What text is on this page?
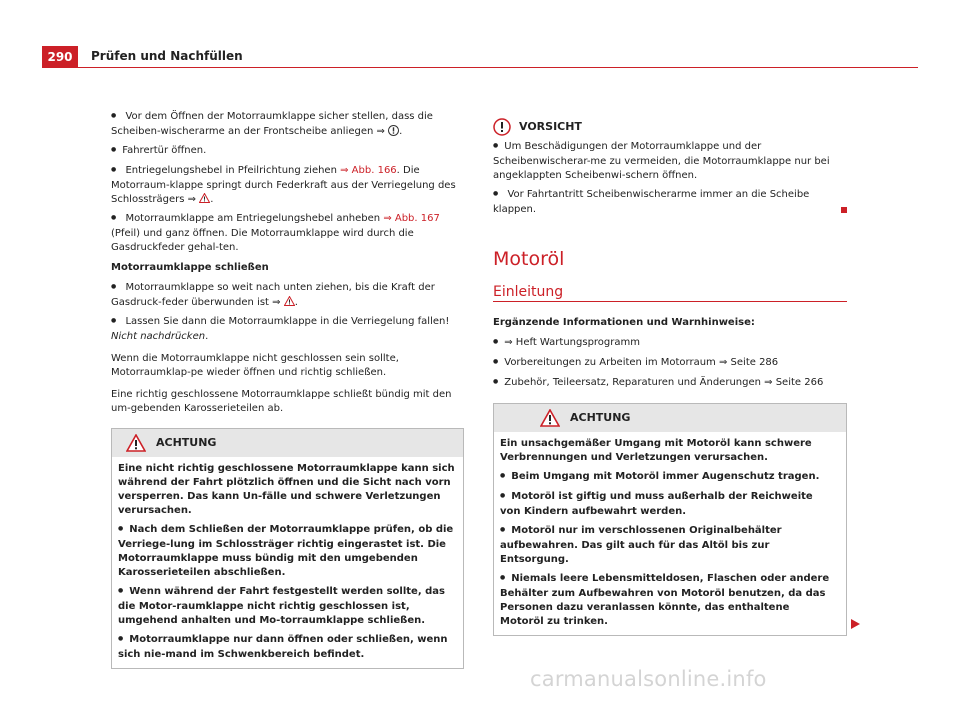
290	Prüfen und Nachfüllen

● Vor dem Öffnen der Motorraumklappe sicher stellen, dass die Scheiben-wischerarme an der Frontscheibe anliegen ⇒ .

● Fahrertür öffnen.

● Entriegelungshebel in Pfeilrichtung ziehen ⇒ Abb. 166. Die Motorraum-klappe springt durch Federkraft aus der Verriegelung des Schlossträgers ⇒ .

● Motorraumklappe am Entriegelungshebel anheben ⇒ Abb. 167 (Pfeil) und ganz öffnen. Die Motorraumklappe wird durch die Gasdruckfeder gehal-ten.

Motorraumklappe schließen

● Motorraumklappe so weit nach unten ziehen, bis die Kraft der Gasdruck-feder überwunden ist ⇒ .

● Lassen Sie dann die Motorraumklappe in die Verriegelung fallen! Nicht nachdrücken.

Wenn die Motorraumklappe nicht geschlossen sein sollte, Motorraumklap-pe wieder öffnen und richtig schließen.

Eine richtig geschlossene Motorraumklappe schließt bündig mit den um-gebenden Karosserieteilen ab.

ACHTUNG

Eine nicht richtig geschlossene Motorraumklappe kann sich während der Fahrt plötzlich öffnen und die Sicht nach vorn versperren. Das kann Un-fälle und schwere Verletzungen verursachen.

● Nach dem Schließen der Motorraumklappe prüfen, ob die Verriege-lung im Schlossträger richtig eingerastet ist. Die Motorraumklappe muss bündig mit den umgebenden Karosserieteilen abschließen.

● Wenn während der Fahrt festgestellt werden sollte, das die Motor-raumklappe nicht richtig geschlossen ist, umgehend anhalten und Mo-torraumklappe schließen.

● Motorraumklappe nur dann öffnen oder schließen, wenn sich nie-mand im Schwenkbereich befindet.

VORSICHT

● Um Beschädigungen der Motorraumklappe und der Scheibenwischerar-me zu vermeiden, die Motorraumklappe nur bei angeklappten Scheibenwi-schern öffnen.

● Vor Fahrtantritt Scheibenwischerarme immer an die Scheibe klappen.

Motoröl
Einleitung

Ergänzende Informationen und Warnhinweise:

● ⇒ Heft Wartungsprogramm

● Vorbereitungen zu Arbeiten im Motorraum ⇒ Seite 286

● Zubehör, Teileersatz, Reparaturen und Änderungen ⇒ Seite 266

ACHTUNG

Ein unsachgemäßer Umgang mit Motoröl kann schwere Verbrennungen und Verletzungen verursachen.

● Beim Umgang mit Motoröl immer Augenschutz tragen.

● Motoröl ist giftig und muss außerhalb der Reichweite von Kindern aufbewahrt werden.

● Motoröl nur im verschlossenen Originalbehälter aufbewahren. Das gilt auch für das Altöl bis zur Entsorgung.

● Niemals leere Lebensmitteldosen, Flaschen oder andere Behälter zum Aufbewahren von Motoröl benutzen, da das Personen dazu veranlassen könnte, das enthaltene Motoröl zu trinken.

carmanualsonline.info
